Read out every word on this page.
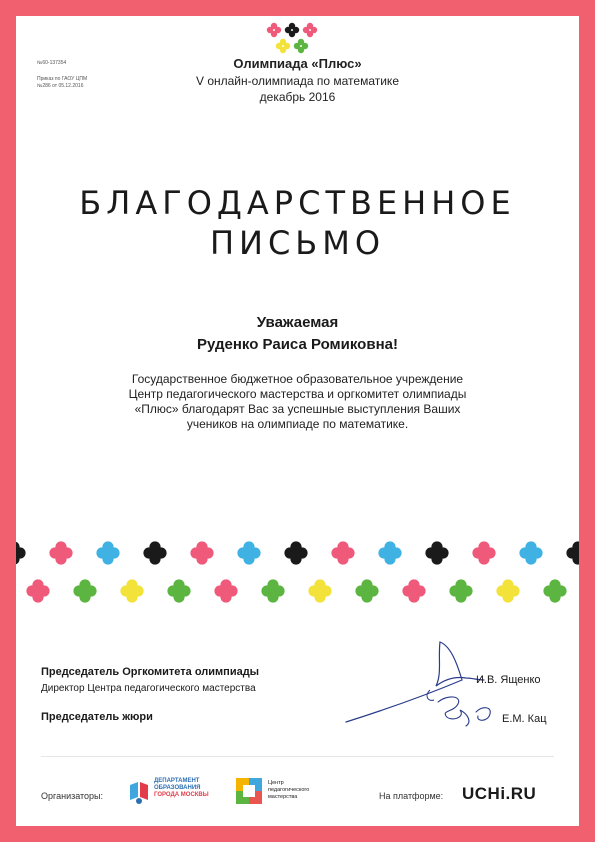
№60-137354
Приказ по ГАОУ ЦПМ
№286 от 05.12.2016
Олимпиада «Плюс»
V онлайн-олимпиада по математике
декабрь 2016
БЛАГОДАРСТВЕННОЕ
ПИСЬМО
Уважаемая
Руденко Раиса Ромиковна!
Государственное бюджетное образовательное учреждение
Центр педагогического мастерства и оргкомитет олимпиады
«Плюс» благодарят Вас за успешные выступления Ваших
учеников на олимпиаде по математике.
Председатель Оргкомитета олимпиады
Директор Центра педагогического мастерства
Председатель жюри
И.В. Ященко
Е.М. Кац
Организаторы:
ДЕПАРТАМЕНТ
ОБРАЗОВАНИЯ
ГОРОДА МОСКВЫ
Центр
педагогического
мастерства	На платформе: UCHi.RU
